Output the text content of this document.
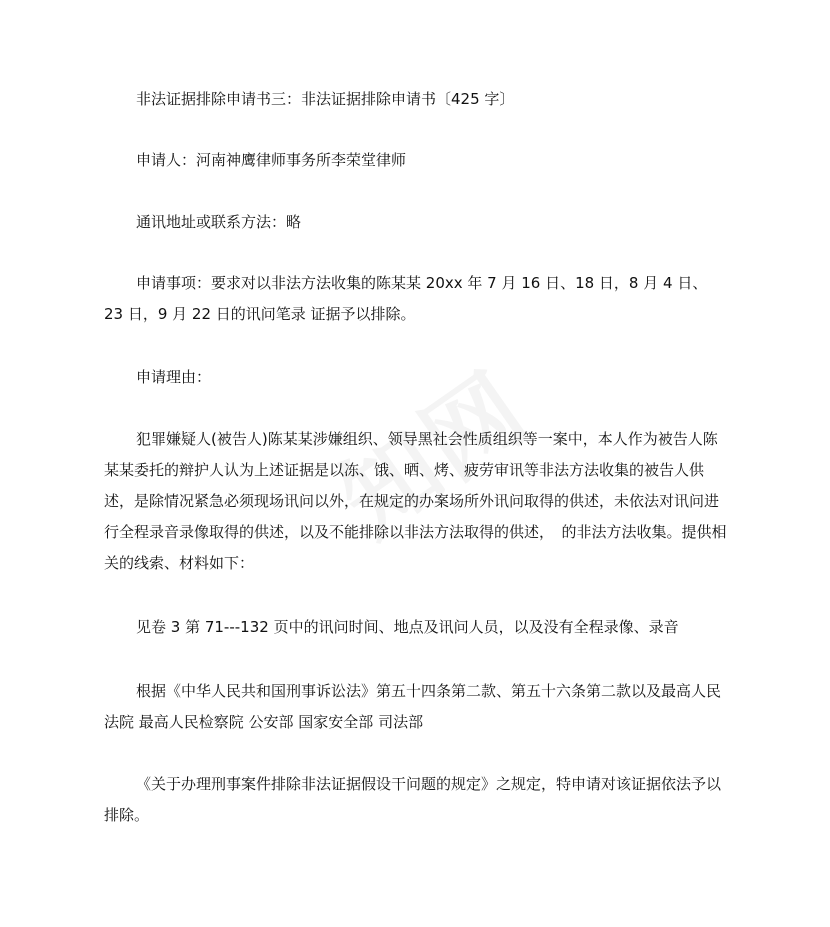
非法证据排除申请书三：非法证据排除申请书〔425 字〕

申请人：河南神鹰律师事务所李荣堂律师

通讯地址或联系方法：略

申请事项：要求对以非法方法收集的陈某某 20xx 年 7 月 16 日、18 日，8 月 4 日、
23 日，9 月 22 日的讯问笔录 证据予以排除。

申请理由：

犯罪嫌疑人(被告人)陈某某涉嫌组织、领导黑社会性质组织等一案中，本人作为被告人陈某某委托的辩护人认为上述证据是以冻、饿、晒、烤、疲劳审讯等非法方法收集的被告人供述，是除情况紧急必须现场讯问以外，在规定的办案场所外讯问取得的供述，未依法对讯问进行全程录音录像取得的供述，以及不能排除以非法方法取得的供述，　的非法方法收集。提供相关的线索、材料如下：

见卷 3 第 71---132 页中的讯问时间、地点及讯问人员，以及没有全程录像、录音

根据《中华人民共和国刑事诉讼法》第五十四条第二款、第五十六条第二款以及最高人民法院 最高人民检察院 公安部 国家安全部 司法部

《关于办理刑事案件排除非法证据假设干问题的规定》之规定，特申请对该证据依法予以排除。
